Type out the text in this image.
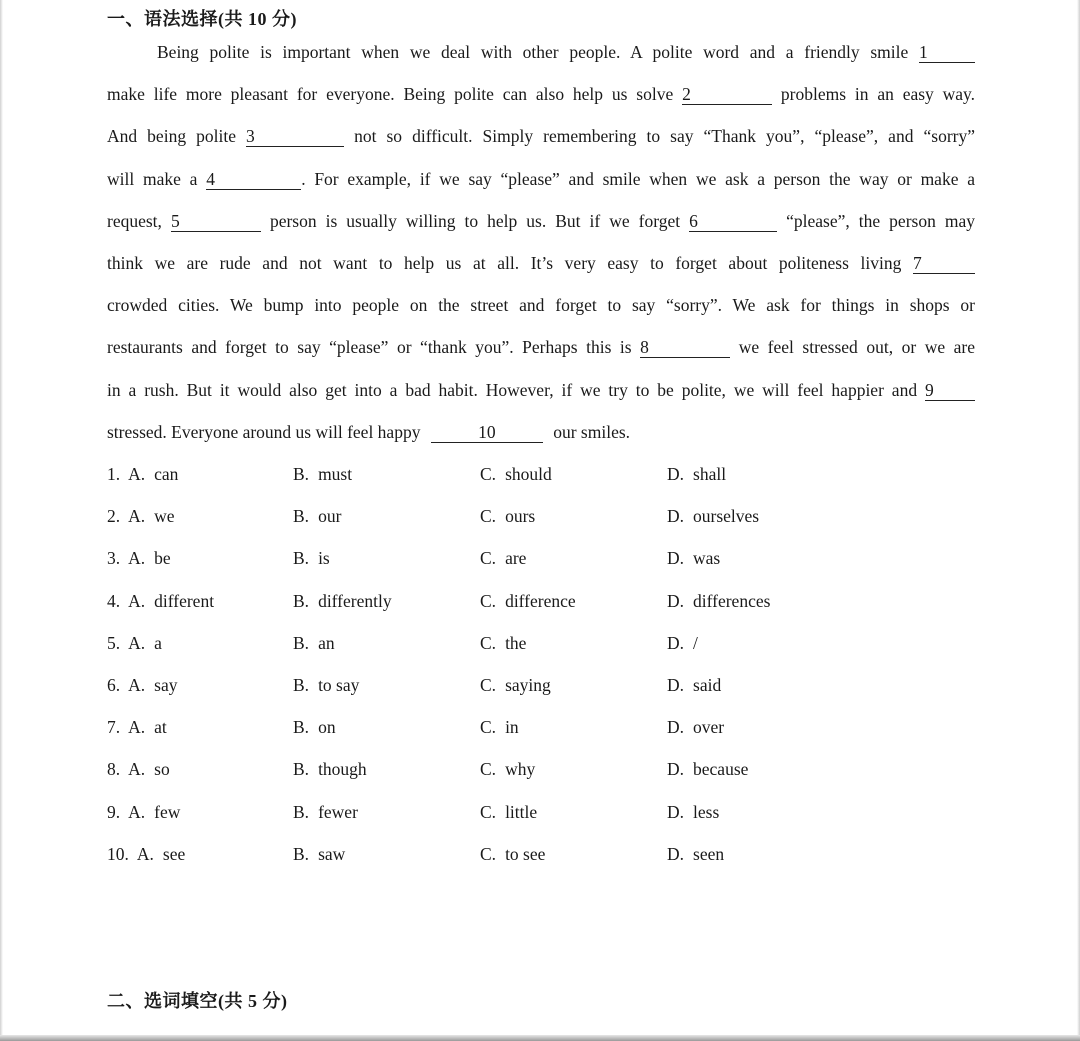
一、语法选择(共 10 分)
Being polite is important when we deal with other people. A polite word and a friendly smile 1
make life more pleasant for everyone. Being polite can also help us solve 2	problems in an easy way.
And being polite 3	not so difficult. Simply remembering to say “Thank you”, “please”, and “sorry”
will make a 4	. For example, if we say “please” and smile when we ask a person the way or make a
request, 5	person is usually willing to help us. But if we forget 6	“please”, the person may
think we are rude and not want to help us at all. It’s very easy to forget about politeness living 7
crowded cities. We bump into people on the street and forget to say “sorry”. We ask for things in shops or
restaurants and forget to say “please” or “thank you”. Perhaps this is 8	we feel stressed out, or we are
in a rush. But it would also get into a bad habit. However, if we try to be polite, we will feel happier and 9
stressed. Everyone around us will feel happy	10	our smiles.
1. A. can	B. must	C. should	D. shall
2. A. we	B. our	C. ours	D. ourselves
3. A. be	B. is	C. are	D. was
4. A. different	B. differently	C. difference	D. differences
5. A. a	B. an	C. the	D. /
6. A. say	B. to say	C. saying	D. said
7. A. at	B. on	C. in	D. over
8. A. so	B. though	C. why	D. because
9. A. few	B. fewer	C. little	D. less
10. A. see	B. saw	C. to see	D. seen
二、选词填空(共 5 分)
